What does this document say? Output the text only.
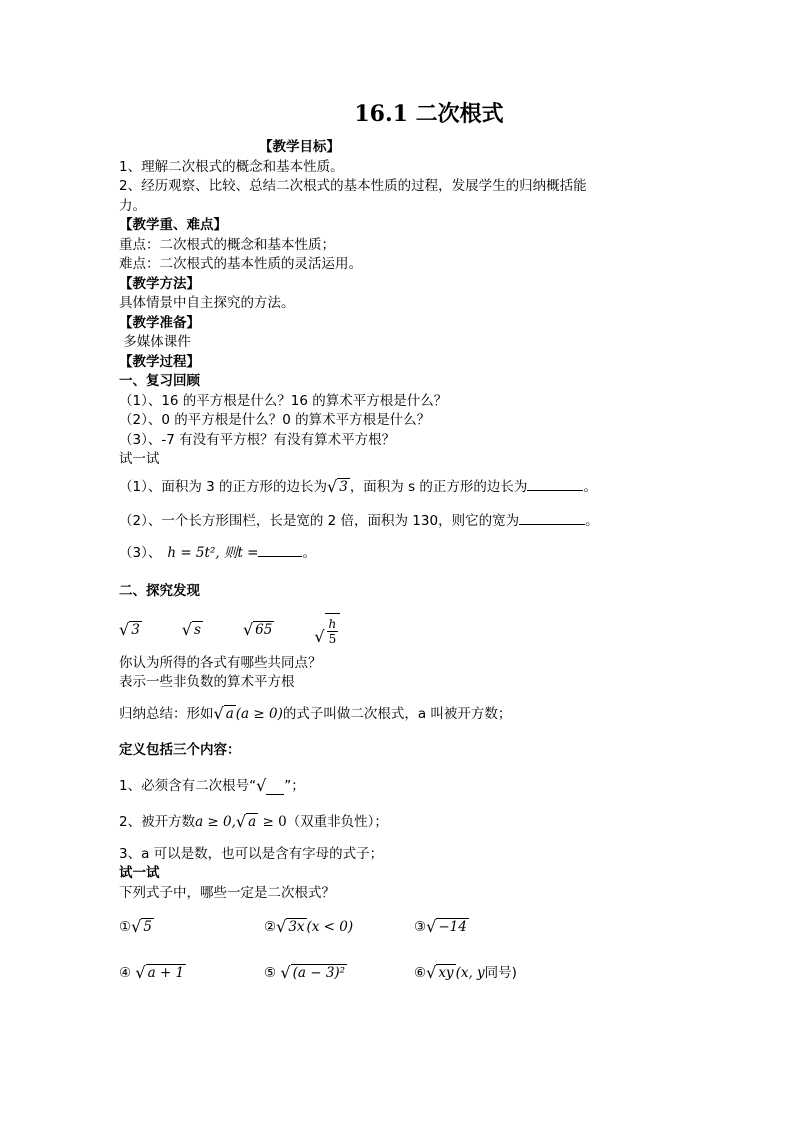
16.1 二次根式
【教学目标】
1、理解二次根式的概念和基本性质。
2、经历观察、比较、总结二次根式的基本性质的过程，发展学生的归纳概括能
力。
【教学重、难点】
重点：二次根式的概念和基本性质；
难点：二次根式的基本性质的灵活运用。
【教学方法】
具体情景中自主探究的方法。
【教学准备】
多媒体课件
【教学过程】
一、复习回顾
（1）、16 的平方根是什么？16 的算术平方根是什么？
（2）、0 的平方根是什么？0 的算术平方根是什么？
（3）、-7 有没有平方根？有没有算术平方根？
试一试
（1）、面积为 3 的正方形的边长为 √ 3 ，面积为 s 的正方形的边长为	。
（2）、一个长方形围栏，长是宽的 2 倍，面积为 130，则它的宽为	。
（3）、 h = 5t², 则t =	。
二、探究发现
√ 3	√ s	√ 65	√ $\frac{h}{5}$
你认为所得的各式有哪些共同点？
表示一些非负数的算术平方根
归纳总结：形如 √ a (a ≥ 0)的式子叫做二次根式，a 叫被开方数；
定义包括三个内容：
1、必须含有二次根号“ √ ”；
2、被开方数a ≥ 0, √ a ≥ 0（双重非负性）；
3、a 可以是数，也可以是含有字母的式子；
试一试
下列式子中，哪些一定是二次根式？
① √ 5	② √ 3x (x < 0)	③ √ −14
④ √ a + 1	⑤ √ (a − 3)²	⑥ √ xy (x, y同号)
